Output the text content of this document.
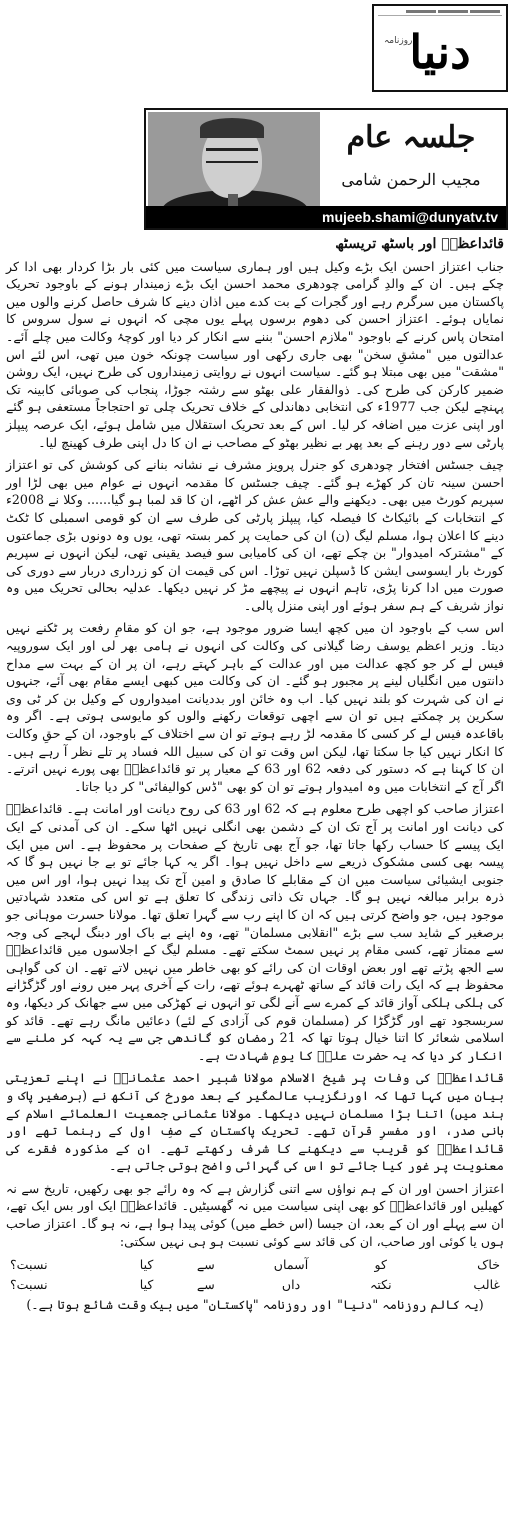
روزنامہ
دنیا
جلسہ عام
مجیب الرحمن شامی
mujeeb.shami@dunyatv.tv
قائداعظمؒ اور باسٹھ تریسٹھ

جناب اعتزاز احسن ایک بڑے وکیل ہیں اور ہماری سیاست میں کئی بار بڑا کردار بھی ادا کر چکے ہیں۔ ان کے والدِ گرامی چودھری محمد احسن ایک بڑے زمیندار ہونے کے باوجود تحریک پاکستان میں سرگرم رہے اور گجرات کے بت کدے میں اذان دینے کا شرف حاصل کرنے والوں میں نمایاں ہوئے۔ اعتزاز احسن کی دھوم برسوں پہلے یوں مچی کہ انہوں نے سول سروس کا امتحان پاس کرنے کے باوجود "ملازم احسن" بننے سے انکار کر دیا اور کوچۂ وکالت میں چلے آئے۔ عدالتوں میں "مشقِ سخن" بھی جاری رکھی اور سیاست چونکہ خون میں تھی، اس لئے اس "مشقت" میں بھی مبتلا ہو گئے۔ سیاست انہوں نے روایتی زمینداروں کی طرح نہیں، ایک روشن ضمیر کارکن کی طرح کی۔ ذوالفقار علی بھٹو سے رشتہ جوڑا، پنجاب کی صوبائی کابینہ تک پہنچے لیکن جب 1977ء کی انتخابی دھاندلی کے خلاف تحریک چلی تو احتجاجاً مستعفی ہو گئے اور اپنی عزت میں اضافہ کر لیا۔ اس کے بعد تحریک استقلال میں شامل ہوئے، ایک عرصہ پیپلز پارٹی سے دور رہنے کے بعد پھر بے نظیر بھٹو کے مصاحب نے ان کا دل اپنی طرف کھینچ لیا۔

چیف جسٹس افتخار چودھری کو جنرل پرویز مشرف نے نشانہ بنانے کی کوشش کی تو اعتزاز احسن سینہ تان کر کھڑے ہو گئے۔ چیف جسٹس کا مقدمہ انہوں نے عوام میں بھی لڑا اور سپریم کورٹ میں بھی۔ دیکھنے والے عش عش کر اٹھے، ان کا قد لمبا ہو گیا...... وکلا نے 2008ء کے انتخابات کے بائیکاٹ کا فیصلہ کیا، پیپلز پارٹی کی طرف سے ان کو قومی اسمبلی کا ٹکٹ دینے کا اعلان ہوا، مسلم لیگ (ن) ان کی حمایت پر کمر بستہ تھی، یوں وہ دونوں بڑی جماعتوں کے "مشترکہ امیدوار" بن چکے تھے، ان کی کامیابی سو فیصد یقینی تھی، لیکن انہوں نے سپریم کورٹ بار ایسوسی ایشن کا ڈسپلن نہیں توڑا۔ اس کی قیمت ان کو زرداری دربار سے دوری کی صورت میں ادا کرنا پڑی، تاہم انہوں نے پیچھے مڑ کر نہیں دیکھا۔ عدلیہ بحالی تحریک میں وہ نواز شریف کے ہم سفر ہوئے اور اپنی منزل پالی۔

اس سب کے باوجود ان میں کچھ ایسا ضرور موجود ہے، جو ان کو مقامِ رفعت پر ٹکنے نہیں دیتا۔ وزیر اعظم یوسف رضا گیلانی کی وکالت کی انہوں نے ہامی بھر لی اور ایک سوروپیہ فیس لے کر جو کچھ عدالت میں اور عدالت کے باہر کہتے رہے، ان پر ان کے بہت سے مداح دانتوں میں انگلیاں لینے پر مجبور ہو گئے۔ ان کی وکالت میں کبھی ایسے مقام بھی آئے، جنہوں نے ان کی شہرت کو بلند نہیں کیا۔ اب وہ خائن اور بددیانت امیدواروں کے وکیل بن کر ٹی وی سکرین پر چمکتے ہیں تو ان سے اچھی توقعات رکھنے والوں کو مایوسی ہوتی ہے۔ اگر وہ باقاعدہ فیس لے کر کسی کا مقدمہ لڑ رہے ہوتے تو ان سے اختلاف کے باوجود، ان کے حقِ وکالت کا انکار نہیں کیا جا سکتا تھا، لیکن اس وقت تو ان کی سبیل اللہ فساد پر تلے نظر آ رہے ہیں۔ ان کا کہنا ہے کہ دستور کی دفعہ 62 اور 63 کے معیار پر تو قائداعظمؒ بھی پورے نہیں اترتے۔ اگر آج کے انتخابات میں وہ امیدوار ہوتے تو ان کو بھی "ڈس کوالیفائی" کر دیا جاتا۔

اعتزاز صاحب کو اچھی طرح معلوم ہے کہ 62 اور 63 کی روح دیانت اور امانت ہے۔ قائداعظمؒ کی دیانت اور امانت پر آج تک ان کے دشمن بھی انگلی نہیں اٹھا سکے۔ ان کی آمدنی کے ایک ایک پیسے کا حساب رکھا جاتا تھا، جو آج بھی تاریخ کے صفحات پر محفوظ ہے۔ اس میں ایک پیسہ بھی کسی مشکوک ذریعے سے داخل نہیں ہوا۔ اگر یہ کہا جائے تو بے جا نہیں ہو گا کہ جنوبی ایشیائی سیاست میں ان کے مقابلے کا صادق و امین آج تک پیدا نہیں ہوا، اور اس میں ذرہ برابر مبالغہ نہیں ہو گا۔ جہاں تک ذاتی زندگی کا تعلق ہے تو اس کی متعدد شہادتیں موجود ہیں، جو واضح کرتی ہیں کہ ان کا اپنے رب سے گہرا تعلق تھا۔ مولانا حسرت موہانی جو برصغیر کے شاید سب سے بڑے "انقلابی مسلمان" تھے، وہ اپنے بے باک اور دبنگ لہجے کی وجہ سے ممتاز تھے، کسی مقام پر نہیں سمٹ سکتے تھے۔ مسلم لیگ کے اجلاسوں میں قائداعظمؒ سے الجھ پڑتے تھے اور بعض اوقات ان کی رائے کو بھی خاطر میں نہیں لاتے تھے۔ ان کی گواہی محفوظ ہے کہ ایک رات قائد کے ساتھ ٹھہرے ہوئے تھے، رات کے آخری پہر میں رونے اور گڑگڑانے کی ہلکی ہلکی آواز قائد کے کمرے سے آنے لگی تو انہوں نے کھڑکی میں سے جھانک کر دیکھا، وہ سربسجود تھے اور گڑگڑا کر (مسلمان قوم کی آزادی کے لئے) دعائیں مانگ رہے تھے۔ قائد کو اسلامی شعائر کا اتنا خیال ہوتا تھا کہ 21 رمضان کو گاندھی جی سے یہ کہہ کر ملنے سے انکار کر دیا کہ یہ حضرت علیؓ کا یومِ شہادت ہے۔

قائداعظمؒ کی وفات پر شیخ الاسلام مولانا شبیر احمد عثمانیؒ نے اپنے تعزیتی بیان میں کہا تھا کہ اورنگزیب عالمگیر کے بعد مورخ کی آنکھ نے (برصغیر پاک و ہند میں) اتنا بڑا مسلمان نہیں دیکھا۔ مولانا عثمانی جمعیت العلمائے اسلام کے بانی صدر، اور مفسرِ قرآن تھے۔ تحریک پاکستان کے صفِ اول کے رہنما تھے اور قائداعظمؒ کو قریب سے دیکھنے کا شرف رکھتے تھے۔ ان کے مذکورہ فقرے کی معنویت پر غور کیا جائے تو اس کی گہرائی واضح ہوتی جاتی ہے۔

اعتزاز احسن اور ان کے ہم نواؤں سے اتنی گزارش ہے کہ وہ رائے جو بھی رکھیں، تاریخ سے نہ کھیلیں اور قائداعظمؒ کو بھی اپنی سیاست میں نہ گھسیٹیں۔ قائداعظمؒ ایک اور بس ایک تھے، ان سے پہلے اور ان کے بعد، ان جیسا (اس خطے میں) کوئی پیدا ہوا ہے، نہ ہو گا۔ اعتزاز صاحب ہوں یا کوئی اور صاحب، ان کی قائد سے کوئی نسبت ہو ہی نہیں سکتی:

خاک	کو	آسماں	سے	کیا	نسبت؟
غالب	نکتہ	داں	سے	کیا	نسبت؟
(یہ کالم روزنامہ "دنیا" اور روزنامہ "پاکستان" میں بیک وقت شائع ہوتا ہے۔)
